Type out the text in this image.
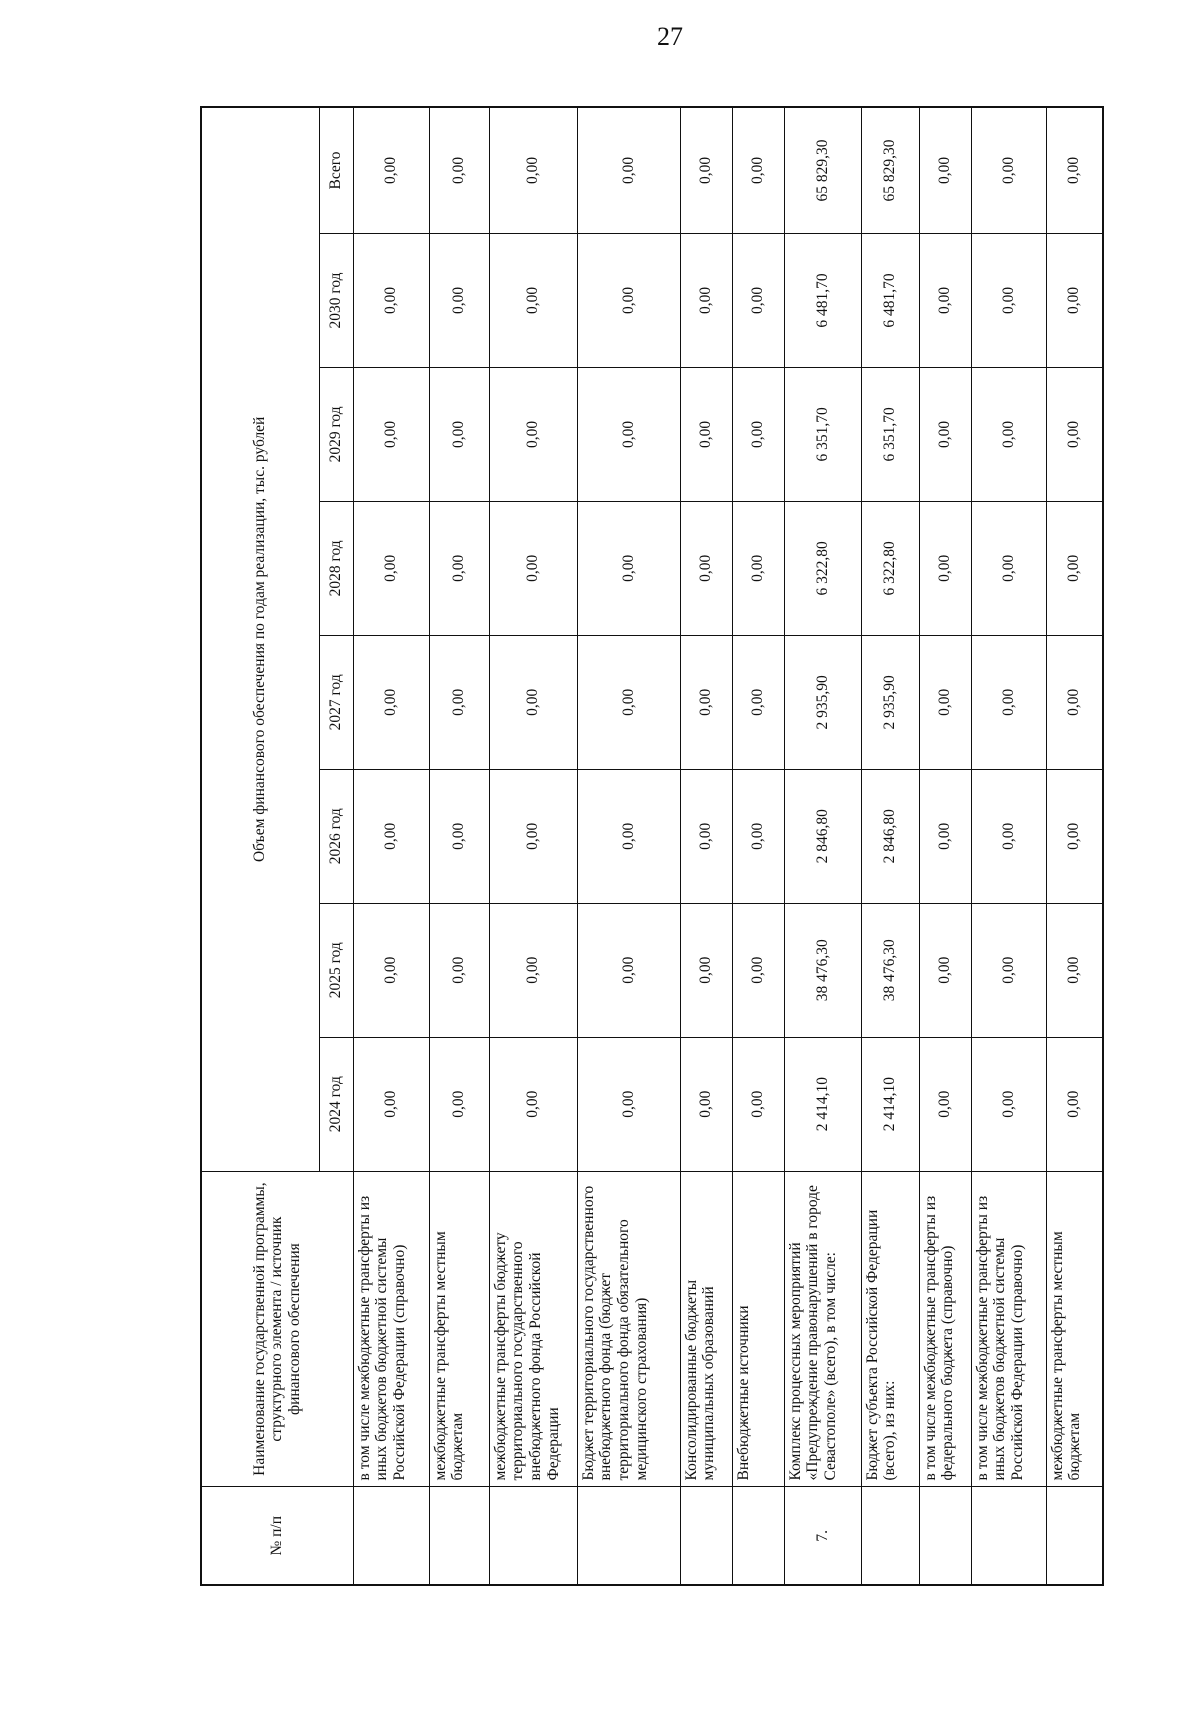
27
№ п/п	Наименование государственной программы, структурного элемента / источник финансового обеспечения	Объем финансового обеспечения по годам реализации, тыс. рублей							
		2024 год	2025 год	2026 год	2027 год	2028 год	2029 год	2030 год	Всего
	в том числе межбюджетные трансферты из иных бюджетов бюджетной системы Российской Федерации (справочно)	0,00	0,00	0,00	0,00	0,00	0,00	0,00	0,00
	межбюджетные трансферты местным бюджетам	0,00	0,00	0,00	0,00	0,00	0,00	0,00	0,00
	межбюджетные трансферты бюджету территориального государственного внебюджетного фонда Российской Федерации	0,00	0,00	0,00	0,00	0,00	0,00	0,00	0,00
	Бюджет территориального государственного внебюджетного фонда (бюджет территориального фонда обязательного медицинского страхования)	0,00	0,00	0,00	0,00	0,00	0,00	0,00	0,00
	Консолидированные бюджеты муниципальных образований	0,00	0,00	0,00	0,00	0,00	0,00	0,00	0,00
	Внебюджетные источники	0,00	0,00	0,00	0,00	0,00	0,00	0,00	0,00
7.	Комплекс процессных мероприятий «Предупреждение правонарушений в городе Севастополе» (всего), в том числе:	2 414,10	38 476,30	2 846,80	2 935,90	6 322,80	6 351,70	6 481,70	65 829,30
	Бюджет субъекта Российской Федерации (всего), из них:	2 414,10	38 476,30	2 846,80	2 935,90	6 322,80	6 351,70	6 481,70	65 829,30
	в том числе межбюджетные трансферты из федерального бюджета (справочно)	0,00	0,00	0,00	0,00	0,00	0,00	0,00	0,00
	в том числе межбюджетные трансферты из иных бюджетов бюджетной системы Российской Федерации (справочно)	0,00	0,00	0,00	0,00	0,00	0,00	0,00	0,00
	межбюджетные трансферты местным бюджетам	0,00	0,00	0,00	0,00	0,00	0,00	0,00	0,00
